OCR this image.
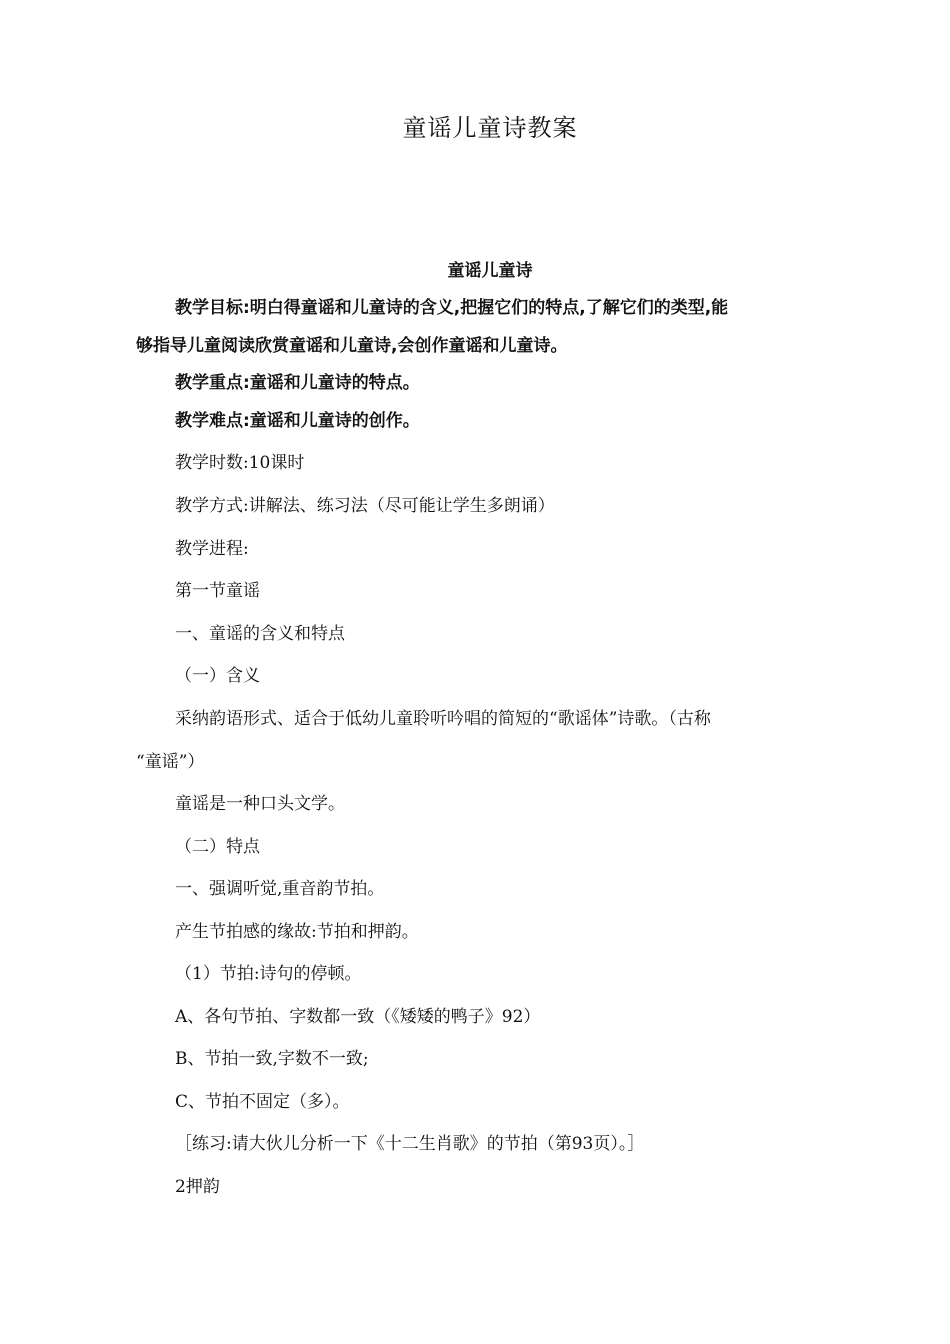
童谣儿童诗教案
童谣儿童诗
教学目标:明白得童谣和儿童诗的含义,把握它们的特点,了解它们的类型,能
够指导儿童阅读欣赏童谣和儿童诗,会创作童谣和儿童诗。
教学重点:童谣和儿童诗的特点。
教学难点:童谣和儿童诗的创作。
教学时数:10课时
教学方式:讲解法、练习法（尽可能让学生多朗诵）
教学进程:
第一节童谣
一、童谣的含义和特点
（一）含义
采纳韵语形式、适合于低幼儿童聆听吟唱的简短的“歌谣体”诗歌。（古称
“童谣”）
童谣是一种口头文学。
（二）特点
一、强调听觉,重音韵节拍。
产生节拍感的缘故:节拍和押韵。
（1）节拍:诗句的停顿。
A、各句节拍、字数都一致（《矮矮的鸭子》92）
B、节拍一致,字数不一致;
C、节拍不固定（多）。
［练习:请大伙儿分析一下《十二生肖歌》的节拍（第93页）。］
2押韵
